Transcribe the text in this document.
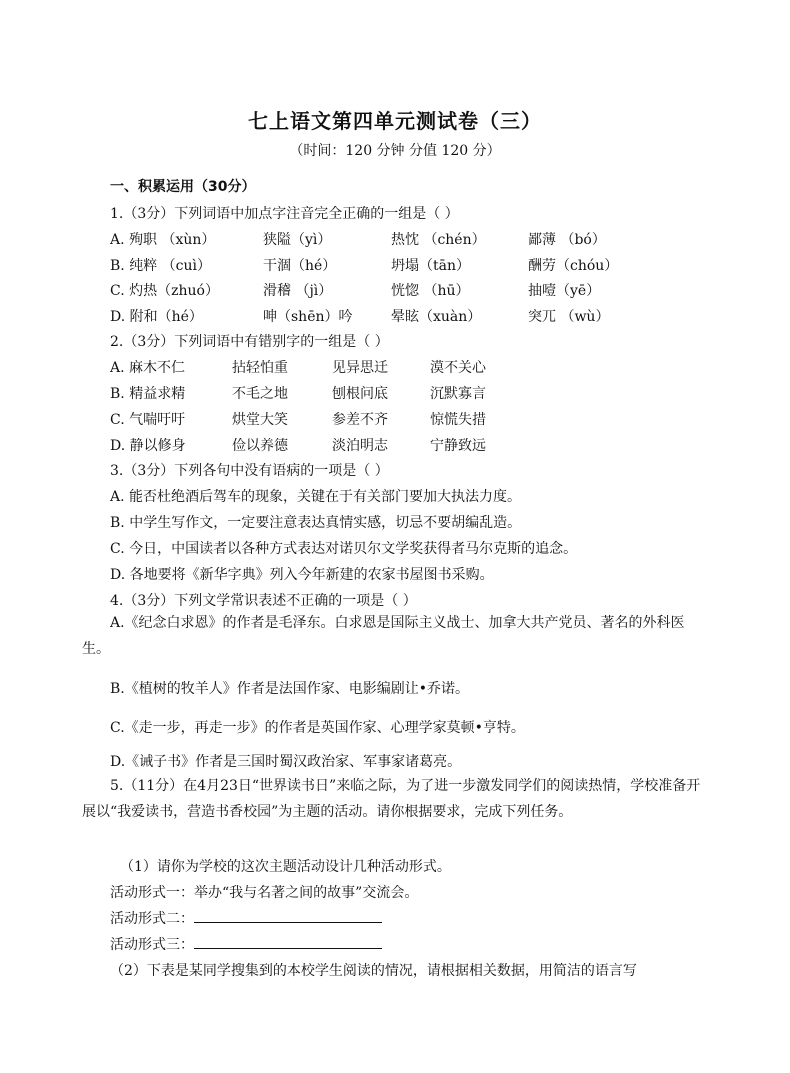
七上语文第四单元测试卷（三）
（时间：120 分钟 分值 120 分）
一、积累运用（30分）
1.（3分）下列词语中加点字注音完全正确的一组是（ ）
A. 殉职 （xùn）	狭隘（yì）	热忱 （chén）	鄙薄 （bó）
B. 纯粹 （cuì）	干涸（hé）	坍塌（tān）	酬劳（chóu）
C. 灼热（zhuó）	滑稽 （jì）	恍惚 （hū）	抽噎（yē）
D. 附和（hé）	呻（shēn）吟	晕眩（xuàn）	突兀 （wù）
2.（3分）下列词语中有错别字的一组是（ ）
A. 麻木不仁	拈轻怕重	见异思迁	漠不关心
B. 精益求精	不毛之地	刨根问底	沉默寡言
C. 气喘吁吁	烘堂大笑	参差不齐	惊慌失措
D. 静以修身	俭以养德	淡泊明志	宁静致远
3.（3分）下列各句中没有语病的一项是（ ）
A. 能否杜绝酒后驾车的现象，关键在于有关部门要加大执法力度。
B. 中学生写作文，一定要注意表达真情实感，切忌不要胡编乱造。
C. 今日，中国读者以各种方式表达对诺贝尔文学奖获得者马尔克斯的追念。
D. 各地要将《新华字典》列入今年新建的农家书屋图书采购。
4.（3分）下列文学常识表述不正确的一项是（ ）
A.《纪念白求恩》的作者是毛泽东。白求恩是国际主义战士、加拿大共产党员、著名的外科医生。
B.《植树的牧羊人》作者是法国作家、电影编剧让•乔诺。
C.《走一步，再走一步》的作者是英国作家、心理学家莫顿•亨特。
D.《诫子书》作者是三国时蜀汉政治家、军事家诸葛亮。
5.（11分）在4月23日“世界读书日”来临之际，为了进一步激发同学们的阅读热情，学校准备开展以“我爱读书，营造书香校园”为主题的活动。请你根据要求，完成下列任务。
（1）请你为学校的这次主题活动设计几种活动形式。
活动形式一：举办“我与名著之间的故事”交流会。
活动形式二：
活动形式三：
（2）下表是某同学搜集到的本校学生阅读的情况，请根据相关数据，用简洁的语言写
